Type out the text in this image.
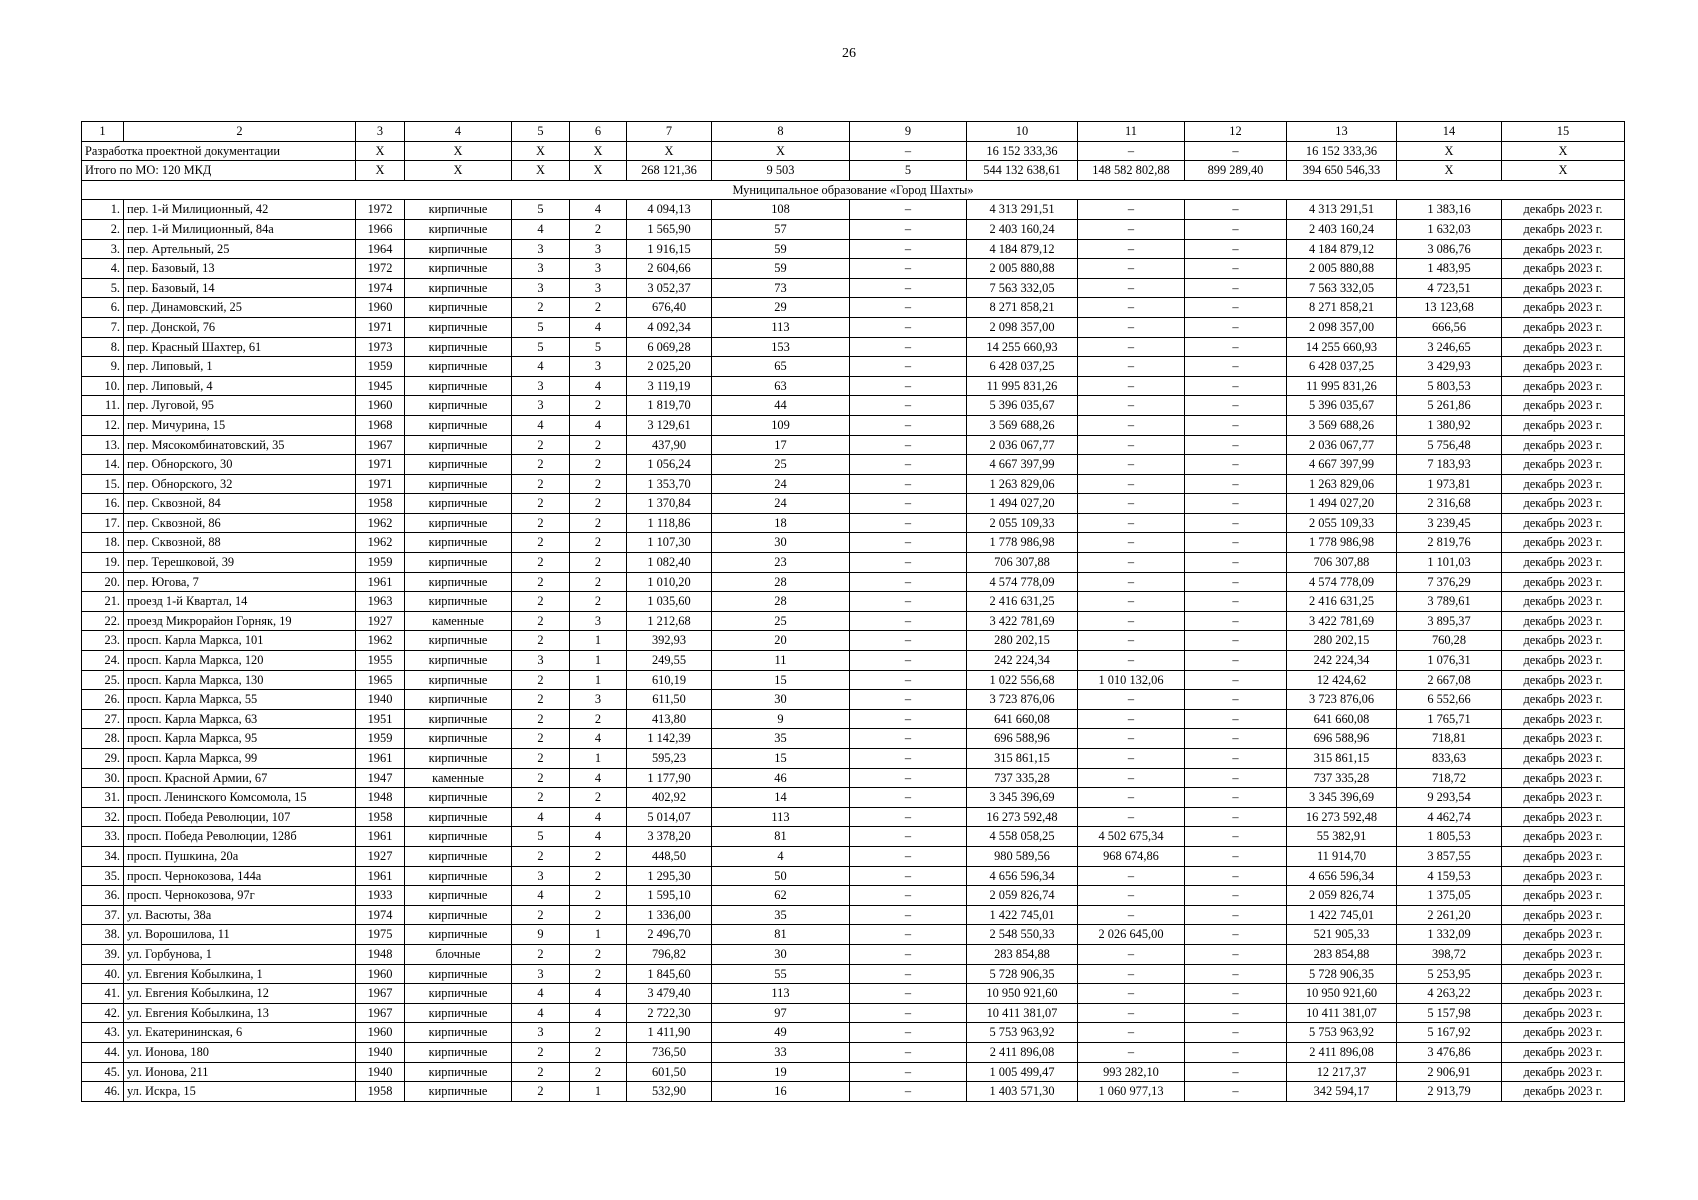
26
1	2	3	4	5	6	7	8	9	10	11	12	13	14	15
Разработка проектной документации		X	X	X	X	X	X	–	16 152 333,36	–	–	16 152 333,36	X	X
Итого по МО: 120 МКД		X	X	X	X	268 121,36	9 503	5	544 132 638,61	148 582 802,88	899 289,40	394 650 546,33	X	X
Муниципальное образование «Город Шахты»														
1.	пер. 1-й Милиционный, 42	1972	кирпичные	5	4	4 094,13	108	–	4 313 291,51	–	–	4 313 291,51	1 383,16	декабрь 2023 г.
2.	пер. 1-й Милиционный, 84а	1966	кирпичные	4	2	1 565,90	57	–	2 403 160,24	–	–	2 403 160,24	1 632,03	декабрь 2023 г.
3.	пер. Артельный, 25	1964	кирпичные	3	3	1 916,15	59	–	4 184 879,12	–	–	4 184 879,12	3 086,76	декабрь 2023 г.
4.	пер. Базовый, 13	1972	кирпичные	3	3	2 604,66	59	–	2 005 880,88	–	–	2 005 880,88	1 483,95	декабрь 2023 г.
5.	пер. Базовый, 14	1974	кирпичные	3	3	3 052,37	73	–	7 563 332,05	–	–	7 563 332,05	4 723,51	декабрь 2023 г.
6.	пер. Динамовский, 25	1960	кирпичные	2	2	676,40	29	–	8 271 858,21	–	–	8 271 858,21	13 123,68	декабрь 2023 г.
7.	пер. Донской, 76	1971	кирпичные	5	4	4 092,34	113	–	2 098 357,00	–	–	2 098 357,00	666,56	декабрь 2023 г.
8.	пер. Красный Шахтер, 61	1973	кирпичные	5	5	6 069,28	153	–	14 255 660,93	–	–	14 255 660,93	3 246,65	декабрь 2023 г.
9.	пер. Липовый, 1	1959	кирпичные	4	3	2 025,20	65	–	6 428 037,25	–	–	6 428 037,25	3 429,93	декабрь 2023 г.
10.	пер. Липовый, 4	1945	кирпичные	3	4	3 119,19	63	–	11 995 831,26	–	–	11 995 831,26	5 803,53	декабрь 2023 г.
11.	пер. Луговой, 95	1960	кирпичные	3	2	1 819,70	44	–	5 396 035,67	–	–	5 396 035,67	5 261,86	декабрь 2023 г.
12.	пер. Мичурина, 15	1968	кирпичные	4	4	3 129,61	109	–	3 569 688,26	–	–	3 569 688,26	1 380,92	декабрь 2023 г.
13.	пер. Мясокомбинатовский, 35	1967	кирпичные	2	2	437,90	17	–	2 036 067,77	–	–	2 036 067,77	5 756,48	декабрь 2023 г.
14.	пер. Обнорского, 30	1971	кирпичные	2	2	1 056,24	25	–	4 667 397,99	–	–	4 667 397,99	7 183,93	декабрь 2023 г.
15.	пер. Обнорского, 32	1971	кирпичные	2	2	1 353,70	24	–	1 263 829,06	–	–	1 263 829,06	1 973,81	декабрь 2023 г.
16.	пер. Сквозной, 84	1958	кирпичные	2	2	1 370,84	24	–	1 494 027,20	–	–	1 494 027,20	2 316,68	декабрь 2023 г.
17.	пер. Сквозной, 86	1962	кирпичные	2	2	1 118,86	18	–	2 055 109,33	–	–	2 055 109,33	3 239,45	декабрь 2023 г.
18.	пер. Сквозной, 88	1962	кирпичные	2	2	1 107,30	30	–	1 778 986,98	–	–	1 778 986,98	2 819,76	декабрь 2023 г.
19.	пер. Терешковой, 39	1959	кирпичные	2	2	1 082,40	23	–	706 307,88	–	–	706 307,88	1 101,03	декабрь 2023 г.
20.	пер. Югова, 7	1961	кирпичные	2	2	1 010,20	28	–	4 574 778,09	–	–	4 574 778,09	7 376,29	декабрь 2023 г.
21.	проезд 1-й Квартал, 14	1963	кирпичные	2	2	1 035,60	28	–	2 416 631,25	–	–	2 416 631,25	3 789,61	декабрь 2023 г.
22.	проезд Микрорайон Горняк, 19	1927	каменные	2	3	1 212,68	25	–	3 422 781,69	–	–	3 422 781,69	3 895,37	декабрь 2023 г.
23.	просп. Карла Маркса, 101	1962	кирпичные	2	1	392,93	20	–	280 202,15	–	–	280 202,15	760,28	декабрь 2023 г.
24.	просп. Карла Маркса, 120	1955	кирпичные	3	1	249,55	11	–	242 224,34	–	–	242 224,34	1 076,31	декабрь 2023 г.
25.	просп. Карла Маркса, 130	1965	кирпичные	2	1	610,19	15	–	1 022 556,68	1 010 132,06	–	12 424,62	2 667,08	декабрь 2023 г.
26.	просп. Карла Маркса, 55	1940	кирпичные	2	3	611,50	30	–	3 723 876,06	–	–	3 723 876,06	6 552,66	декабрь 2023 г.
27.	просп. Карла Маркса, 63	1951	кирпичные	2	2	413,80	9	–	641 660,08	–	–	641 660,08	1 765,71	декабрь 2023 г.
28.	просп. Карла Маркса, 95	1959	кирпичные	2	4	1 142,39	35	–	696 588,96	–	–	696 588,96	718,81	декабрь 2023 г.
29.	просп. Карла Маркса, 99	1961	кирпичные	2	1	595,23	15	–	315 861,15	–	–	315 861,15	833,63	декабрь 2023 г.
30.	просп. Красной Армии, 67	1947	каменные	2	4	1 177,90	46	–	737 335,28	–	–	737 335,28	718,72	декабрь 2023 г.
31.	просп. Ленинского Комсомола, 15	1948	кирпичные	2	2	402,92	14	–	3 345 396,69	–	–	3 345 396,69	9 293,54	декабрь 2023 г.
32.	просп. Победа Революции, 107	1958	кирпичные	4	4	5 014,07	113	–	16 273 592,48	–	–	16 273 592,48	4 462,74	декабрь 2023 г.
33.	просп. Победа Революции, 128б	1961	кирпичные	5	4	3 378,20	81	–	4 558 058,25	4 502 675,34	–	55 382,91	1 805,53	декабрь 2023 г.
34.	просп. Пушкина, 20а	1927	кирпичные	2	2	448,50	4	–	980 589,56	968 674,86	–	11 914,70	3 857,55	декабрь 2023 г.
35.	просп. Чернокозова, 144а	1961	кирпичные	3	2	1 295,30	50	–	4 656 596,34	–	–	4 656 596,34	4 159,53	декабрь 2023 г.
36.	просп. Чернокозова, 97г	1933	кирпичные	4	2	1 595,10	62	–	2 059 826,74	–	–	2 059 826,74	1 375,05	декабрь 2023 г.
37.	ул. Васюты, 38а	1974	кирпичные	2	2	1 336,00	35	–	1 422 745,01	–	–	1 422 745,01	2 261,20	декабрь 2023 г.
38.	ул. Ворошилова, 11	1975	кирпичные	9	1	2 496,70	81	–	2 548 550,33	2 026 645,00	–	521 905,33	1 332,09	декабрь 2023 г.
39.	ул. Горбунова, 1	1948	блочные	2	2	796,82	30	–	283 854,88	–	–	283 854,88	398,72	декабрь 2023 г.
40.	ул. Евгения Кобылкина, 1	1960	кирпичные	3	2	1 845,60	55	–	5 728 906,35	–	–	5 728 906,35	5 253,95	декабрь 2023 г.
41.	ул. Евгения Кобылкина, 12	1967	кирпичные	4	4	3 479,40	113	–	10 950 921,60	–	–	10 950 921,60	4 263,22	декабрь 2023 г.
42.	ул. Евгения Кобылкина, 13	1967	кирпичные	4	4	2 722,30	97	–	10 411 381,07	–	–	10 411 381,07	5 157,98	декабрь 2023 г.
43.	ул. Екатерининская, 6	1960	кирпичные	3	2	1 411,90	49	–	5 753 963,92	–	–	5 753 963,92	5 167,92	декабрь 2023 г.
44.	ул. Ионова, 180	1940	кирпичные	2	2	736,50	33	–	2 411 896,08	–	–	2 411 896,08	3 476,86	декабрь 2023 г.
45.	ул. Ионова, 211	1940	кирпичные	2	2	601,50	19	–	1 005 499,47	993 282,10	–	12 217,37	2 906,91	декабрь 2023 г.
46.	ул. Искра, 15	1958	кирпичные	2	1	532,90	16	–	1 403 571,30	1 060 977,13	–	342 594,17	2 913,79	декабрь 2023 г.
